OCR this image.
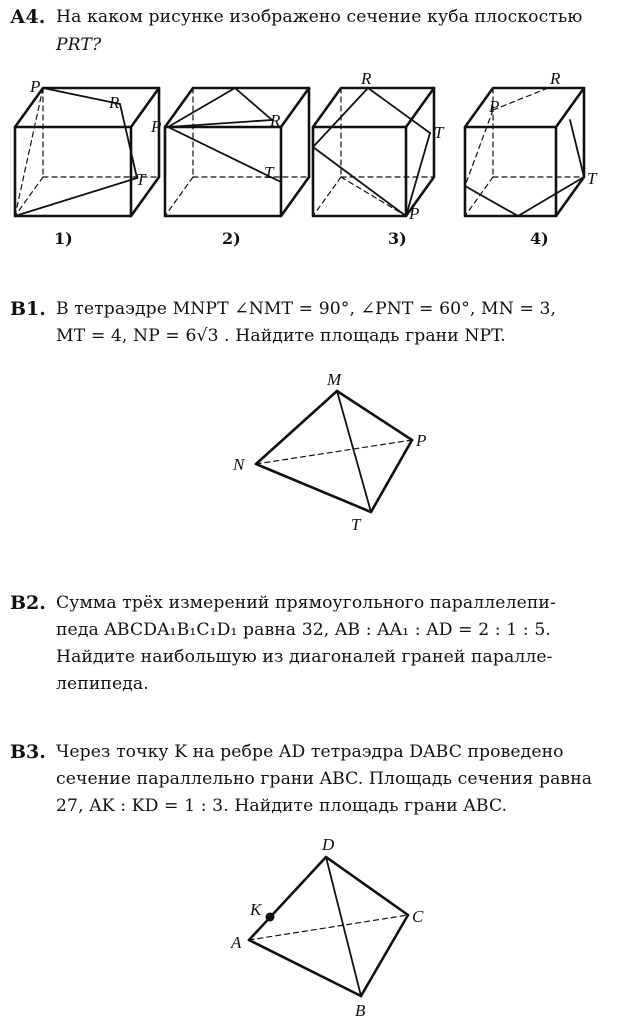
А4. На каком рисунке изображено сечение куба плоскостью
PRT?
P
R
T
P	R
T
R
T
P
P
R
T
1)	2)	3)	4)
M
P
N
T
D
K	C
A
B
В1. В тетраэдре MNPT ∠NMT = 90°, ∠PNT = 60°, MN = 3,
MT = 4, NP = 6√3 . Найдите площадь грани NPT.
В2. Сумма трёх измерений прямоугольного параллелепи-
педа ABCDA₁B₁C₁D₁ равна 32, AB : AA₁ : AD = 2 : 1 : 5.
Найдите наибольшую из диагоналей граней паралле-
лепипеда.
В3. Через точку K на ребре AD тетраэдра DABC проведено
сечение параллельно грани ABC. Площадь сечения равна
27, AK : KD = 1 : 3. Найдите площадь грани ABC.
